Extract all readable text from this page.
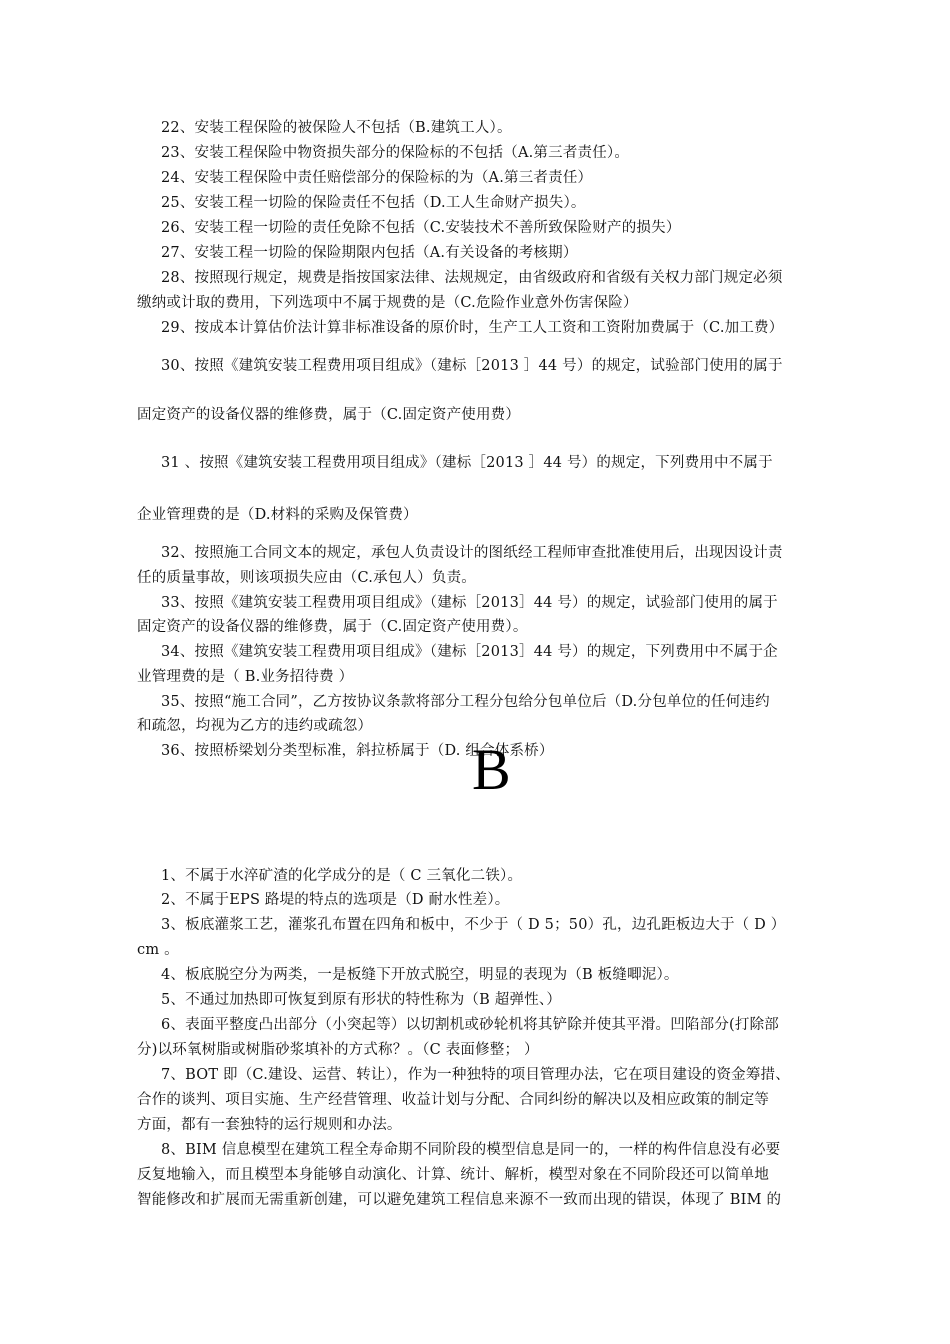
22、安装工程保险的被保险人不包括（B.建筑工人）。
23、安装工程保险中物资损失部分的保险标的不包括（A.第三者责任）。
24、安装工程保险中责任赔偿部分的保险标的为（A.第三者责任）
25、安装工程一切险的保险责任不包括（D.工人生命财产损失）。
26、安装工程一切险的责任免除不包括（C.安装技术不善所致保险财产的损失）
27、安装工程一切险的保险期限内包括（A.有关设备的考核期）
28、按照现行规定，规费是指按国家法律、法规规定，由省级政府和省级有关权力部门规定必须
缴纳或计取的费用，下列选项中不属于规费的是（C.危险作业意外伤害保险）
29、按成本计算估价法计算非标准设备的原价时，生产工人工资和工资附加费属于（C.加工费）
30、按照《建筑安装工程费用项目组成》（建标［2013 ］44 号）的规定，试验部门使用的属于
固定资产的设备仪器的维修费，属于（C.固定资产使用费）
31 、按照《建筑安装工程费用项目组成》（建标［2013 ］44 号）的规定，下列费用中不属于
企业管理费的是（D.材料的采购及保管费）
32、按照施工合同文本的规定，承包人负责设计的图纸经工程师审查批准使用后，出现因设计责
任的质量事故，则该项损失应由（C.承包人）负责。
33、按照《建筑安装工程费用项目组成》（建标［2013］44 号）的规定，试验部门使用的属于
固定资产的设备仪器的维修费，属于（C.固定资产使用费）。
34、按照《建筑安装工程费用项目组成》（建标［2013］44 号）的规定，下列费用中不属于企
业管理费的是（ B.业务招待费 ）
35、按照“施工合同”，乙方按协议条款将部分工程分包给分包单位后（D.分包单位的任何违约
和疏忽，均视为乙方的违约或疏忽）
36、按照桥梁划分类型标准，斜拉桥属于（D. 组合体系桥）
B
1、不属于水淬矿渣的化学成分的是（ C 三氧化二铁）。
2、不属于EPS 路堤的特点的选项是（D 耐水性差）。
3、板底灌浆工艺，灌浆孔布置在四角和板中，不少于（ D 5；50）孔，边孔距板边大于（ D ）
cm 。
4、板底脱空分为两类，一是板缝下开放式脱空，明显的表现为（B 板缝唧泥）。
5、不通过加热即可恢复到原有形状的特性称为（B 超弹性、）
6、表面平整度凸出部分（小突起等）以切割机或砂轮机将其铲除并使其平滑。凹陷部分(打除部
分)以环氧树脂或树脂砂浆填补的方式称？。（C 表面修整； ）
7、BOT 即（C.建设、运营、转让），作为一种独特的项目管理办法，它在项目建设的资金筹措、
合作的谈判、项目实施、生产经营管理、收益计划与分配、合同纠纷的解决以及相应政策的制定等
方面，都有一套独特的运行规则和办法。
8、BIM 信息模型在建筑工程全寿命期不同阶段的模型信息是同一的，一样的构件信息没有必要
反复地输入，而且模型本身能够自动演化、计算、统计、解析，模型对象在不同阶段还可以简单地
智能修改和扩展而无需重新创建，可以避免建筑工程信息来源不一致而出现的错误，体现了 BIM 的
